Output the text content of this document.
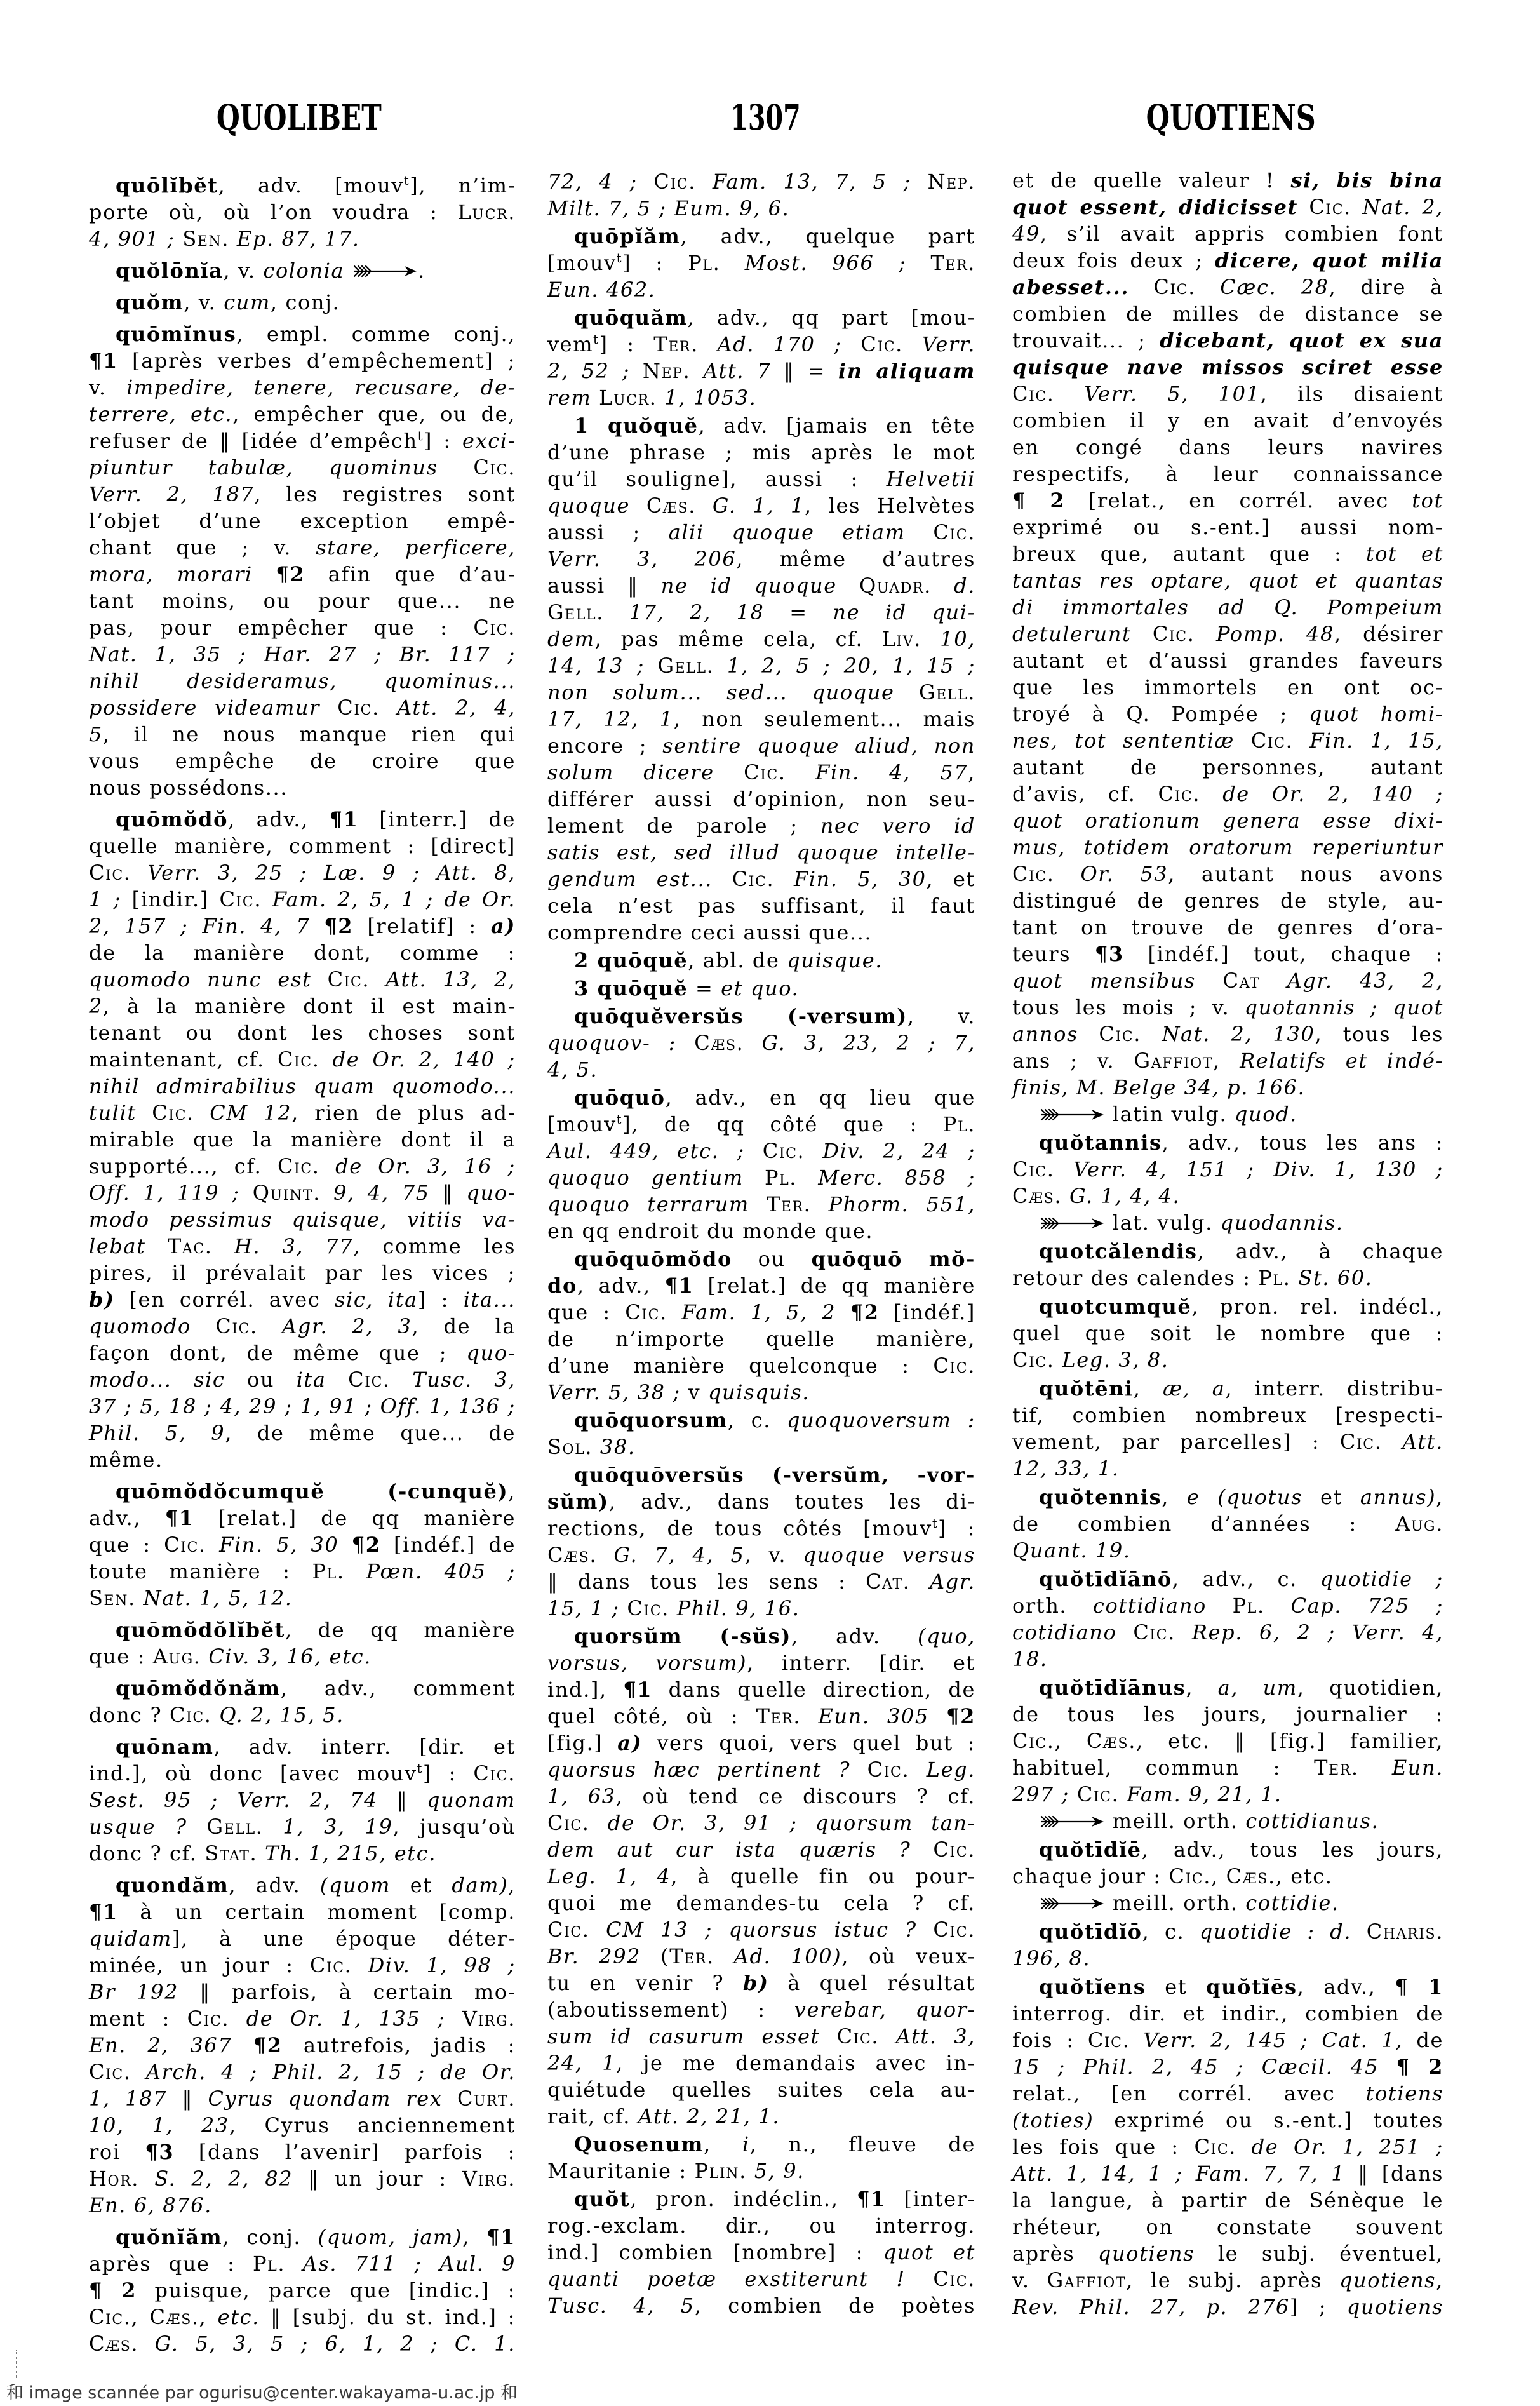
QUOLIBET	1307	QUOTIENS
quōlĭbĕt, adv. [mouv$^t$], n’im-
porte où, où l’on voudra : Lucr.
4, 901 ; Sen. Ep. 87, 17.
quŏlōnĭa, v. colonia	.
quŏm, v. cum, conj.
quōmĭnus, empl. comme conj.,
¶1 [après verbes d’empêchement] ;
v. impedire, tenere, recusare, de-
terrere, etc., empêcher que, ou de,
refuser de ‖ [idée d’empêch$^t$] : exci-
piuntur tabulæ, quominus Cic.
Verr. 2, 187, les registres sont
l’objet d’une exception empê-
chant que ; v. stare, perficere,
mora, morari ¶2 afin que d’au-
tant moins, ou pour que... ne
pas, pour empêcher que : Cic.
Nat. 1, 35 ; Har. 27 ; Br. 117 ;
nihil desideramus, quominus...
possidere videamur Cic. Att. 2, 4,
5, il ne nous manque rien qui
vous empêche de croire que
nous possédons...
quōmŏdŏ, adv., ¶1 [interr.] de
quelle manière, comment : [direct]
Cic. Verr. 3, 25 ; Læ. 9 ; Att. 8,
1 ; [indir.] Cic. Fam. 2, 5, 1 ; de Or.
2, 157 ; Fin. 4, 7 ¶2 [relatif] : a)
de la manière dont, comme :
quomodo nunc est Cic. Att. 13, 2,
2, à la manière dont il est main-
tenant ou dont les choses sont
maintenant, cf. Cic. de Or. 2, 140 ;
nihil admirabilius quam quomodo...
tulit Cic. CM 12, rien de plus ad-
mirable que la manière dont il a
supporté..., cf. Cic. de Or. 3, 16 ;
Off. 1, 119 ; Quint. 9, 4, 75 ‖ quo-
modo pessimus quisque, vitiis va-
lebat Tac. H. 3, 77, comme les
pires, il prévalait par les vices ;
b) [en corrél. avec sic, ita] : ita...
quomodo Cic. Agr. 2, 3, de la
façon dont, de même que ; quo-
modo... sic ou ita Cic. Tusc. 3,
37 ; 5, 18 ; 4, 29 ; 1, 91 ; Off. 1, 136 ;
Phil. 5, 9, de même que... de
même.
quōmŏdŏcumquĕ (-cunquĕ),
adv., ¶1 [relat.] de qq manière
que : Cic. Fin. 5, 30 ¶2 [indéf.] de
toute manière : Pl. Pœn. 405 ;
Sen. Nat. 1, 5, 12.
quōmŏdŏlĭbĕt, de qq manière
que : Aug. Civ. 3, 16, etc.
quōmŏdŏnăm, adv., comment
donc ? Cic. Q. 2, 15, 5.
quōnam, adv. interr. [dir. et
ind.], où donc [avec mouv$^t$] : Cic.
Sest. 95 ; Verr. 2, 74 ‖ quonam
usque ? Gell. 1, 3, 19, jusqu’où
donc ? cf. Stat. Th. 1, 215, etc.
quondăm, adv. (quom et dam),
¶1 à un certain moment [comp.
quidam], à une époque déter-
minée, un jour : Cic. Div. 1, 98 ;
Br 192 ‖ parfois, à certain mo-
ment : Cic. de Or. 1, 135 ; Virg.
En. 2, 367 ¶2 autrefois, jadis :
Cic. Arch. 4 ; Phil. 2, 15 ; de Or.
1, 187 ‖ Cyrus quondam rex Curt.
10, 1, 23, Cyrus anciennement
roi ¶3 [dans l’avenir] parfois :
Hor. S. 2, 2, 82 ‖ un jour : Virg.
En. 6, 876.
quŏnĭăm, conj. (quom, jam), ¶1
après que : Pl. As. 711 ; Aul. 9
¶ 2 puisque, parce que [indic.] :
Cic., Cæs., etc. ‖ [subj. du st. ind.] :
Cæs. G. 5, 3, 5 ; 6, 1, 2 ; C. 1.
72, 4 ; Cic. Fam. 13, 7, 5 ; Nep.
Milt. 7, 5 ; Eum. 9, 6.
quōpĭăm, adv., quelque part
[mouv$^t$] : Pl. Most. 966 ; Ter.
Eun. 462.
quōquăm, adv., qq part [mou-
vem$^t$] : Ter. Ad. 170 ; Cic. Verr.
2, 52 ; Nep. Att. 7 ‖ = in aliquam
rem Lucr. 1, 1053.
1 quŏquĕ, adv. [jamais en tête
d’une phrase ; mis après le mot
qu’il souligne], aussi : Helvetii
quoque Cæs. G. 1, 1, les Helvètes
aussi ; alii quoque etiam Cic.
Verr. 3, 206, même d’autres
aussi ‖ ne id quoque Quadr. d.
Gell. 17, 2, 18 = ne id qui-
dem, pas même cela, cf. Liv. 10,
14, 13 ; Gell. 1, 2, 5 ; 20, 1, 15 ;
non solum... sed... quoque Gell.
17, 12, 1, non seulement... mais
encore ; sentire quoque aliud, non
solum dicere Cic. Fin. 4, 57,
différer aussi d’opinion, non seu-
lement de parole ; nec vero id
satis est, sed illud quoque intelle-
gendum est... Cic. Fin. 5, 30, et
cela n’est pas suffisant, il faut
comprendre ceci aussi que...
2 quōquĕ, abl. de quisque.
3 quōquĕ = et quo.
quōquĕversŭs (-versum), v.
quoquov- : Cæs. G. 3, 23, 2 ; 7,
4, 5.
quōquō, adv., en qq lieu que
[mouv$^t$], de qq côté que : Pl.
Aul. 449, etc. ; Cic. Div. 2, 24 ;
quoquo gentium Pl. Merc. 858 ;
quoquo terrarum Ter. Phorm. 551,
en qq endroit du monde que.
quōquōmŏdo ou quōquō mŏ-
do, adv., ¶1 [relat.] de qq manière
que : Cic. Fam. 1, 5, 2 ¶2 [indéf.]
de n’importe quelle manière,
d’une manière quelconque : Cic.
Verr. 5, 38 ; v quisquis.
quōquorsum, c. quoquoversum :
Sol. 38.
quōquōversŭs (-versŭm, -vor-
sŭm), adv., dans toutes les di-
rections, de tous côtés [mouv$^t$] :
Cæs. G. 7, 4, 5, v. quoque versus
‖ dans tous les sens : Cat. Agr.
15, 1 ; Cic. Phil. 9, 16.
quorsŭm (-sŭs), adv. (quo,
vorsus, vorsum), interr. [dir. et
ind.], ¶1 dans quelle direction, de
quel côté, où : Ter. Eun. 305 ¶2
[fig.] a) vers quoi, vers quel but :
quorsus hæc pertinent ? Cic. Leg.
1, 63, où tend ce discours ? cf.
Cic. de Or. 3, 91 ; quorsum tan-
dem aut cur ista quæris ? Cic.
Leg. 1, 4, à quelle fin ou pour-
quoi me demandes-tu cela ? cf.
Cic. CM 13 ; quorsus istuc ? Cic.
Br. 292 (Ter. Ad. 100), où veux-
tu en venir ? b) à quel résultat
(aboutissement) : verebar, quor-
sum id casurum esset Cic. Att. 3,
24, 1, je me demandais avec in-
quiétude quelles suites cela au-
rait, cf. Att. 2, 21, 1.
Quosenum, i, n., fleuve de
Mauritanie : Plin. 5, 9.
quŏt, pron. indéclin., ¶1 [inter-
rog.-exclam. dir., ou interrog.
ind.] combien [nombre] : quot et
quanti poetæ exstiterunt ! Cic.
Tusc. 4, 5, combien de poètes
et de quelle valeur ! si, bis bina
quot essent, didicisset Cic. Nat. 2,
49, s’il avait appris combien font
deux fois deux ; dicere, quot milia
abesset... Cic. Cæc. 28, dire à
combien de milles de distance se
trouvait... ; dicebant, quot ex sua
quisque nave missos sciret esse
Cic. Verr. 5, 101, ils disaient
combien il y en avait d’envoyés
en congé dans leurs navires
respectifs, à leur connaissance
¶ 2 [relat., en corrél. avec tot
exprimé ou s.-ent.] aussi nom-
breux que, autant que : tot et
tantas res optare, quot et quantas
di immortales ad Q. Pompeium
detulerunt Cic. Pomp. 48, désirer
autant et d’aussi grandes faveurs
que les immortels en ont oc-
troyé à Q. Pompée ; quot homi-
nes, tot sententiæ Cic. Fin. 1, 15,
autant de personnes, autant
d’avis, cf. Cic. de Or. 2, 140 ;
quot orationum genera esse dixi-
mus, totidem oratorum reperiuntur
Cic. Or. 53, autant nous avons
distingué de genres de style, au-
tant on trouve de genres d’ora-
teurs ¶3 [indéf.] tout, chaque :
quot mensibus Cat Agr. 43, 2,
tous les mois ; v. quotannis ; quot
annos Cic. Nat. 2, 130, tous les
ans ; v. Gaffiot, Relatifs et indé-
finis, M. Belge 34, p. 166.
latin vulg. quod.
quŏtannis, adv., tous les ans :
Cic. Verr. 4, 151 ; Div. 1, 130 ;
Cæs. G. 1, 4, 4.
lat. vulg. quodannis.
quotcălendis, adv., à chaque
retour des calendes : Pl. St. 60.
quotcumquĕ, pron. rel. indécl.,
quel que soit le nombre que :
Cic. Leg. 3, 8.
quŏtēni, æ, a, interr. distribu-
tif, combien nombreux [respecti-
vement, par parcelles] : Cic. Att.
12, 33, 1.
quŏtennis, e (quotus et annus),
de combien d’années : Aug.
Quant. 19.
quŏtīdĭānō, adv., c. quotidie ;
orth. cottidiano Pl. Cap. 725 ;
cotidiano Cic. Rep. 6, 2 ; Verr. 4,
18.
quŏtīdĭānus, a, um, quotidien,
de tous les jours, journalier :
Cic., Cæs., etc. ‖ [fig.] familier,
habituel, commun : Ter. Eun.
297 ; Cic. Fam. 9, 21, 1.
meill. orth. cottidianus.
quŏtīdĭē, adv., tous les jours,
chaque jour : Cic., Cæs., etc.
meill. orth. cottidie.
quŏtīdĭō, c. quotidie : d. Charis.
196, 8.
quŏtĭens et quŏtĭēs, adv., ¶ 1
interrog. dir. et indir., combien de
fois : Cic. Verr. 2, 145 ; Cat. 1, de
15 ; Phil. 2, 45 ; Cæcil. 45 ¶ 2
relat., [en corrél. avec totiens
(toties) exprimé ou s.-ent.] toutes
les fois que : Cic. de Or. 1, 251 ;
Att. 1, 14, 1 ; Fam. 7, 7, 1 ‖ [dans
la langue, à partir de Sénèque le
rhéteur, on constate souvent
après quotiens le subj. éventuel,
v. Gaffiot, le subj. après quotiens,
Rev. Phil. 27, p. 276] ; quotiens
和 image scannée par ogurisu@center.wakayama-u.ac.jp 和
